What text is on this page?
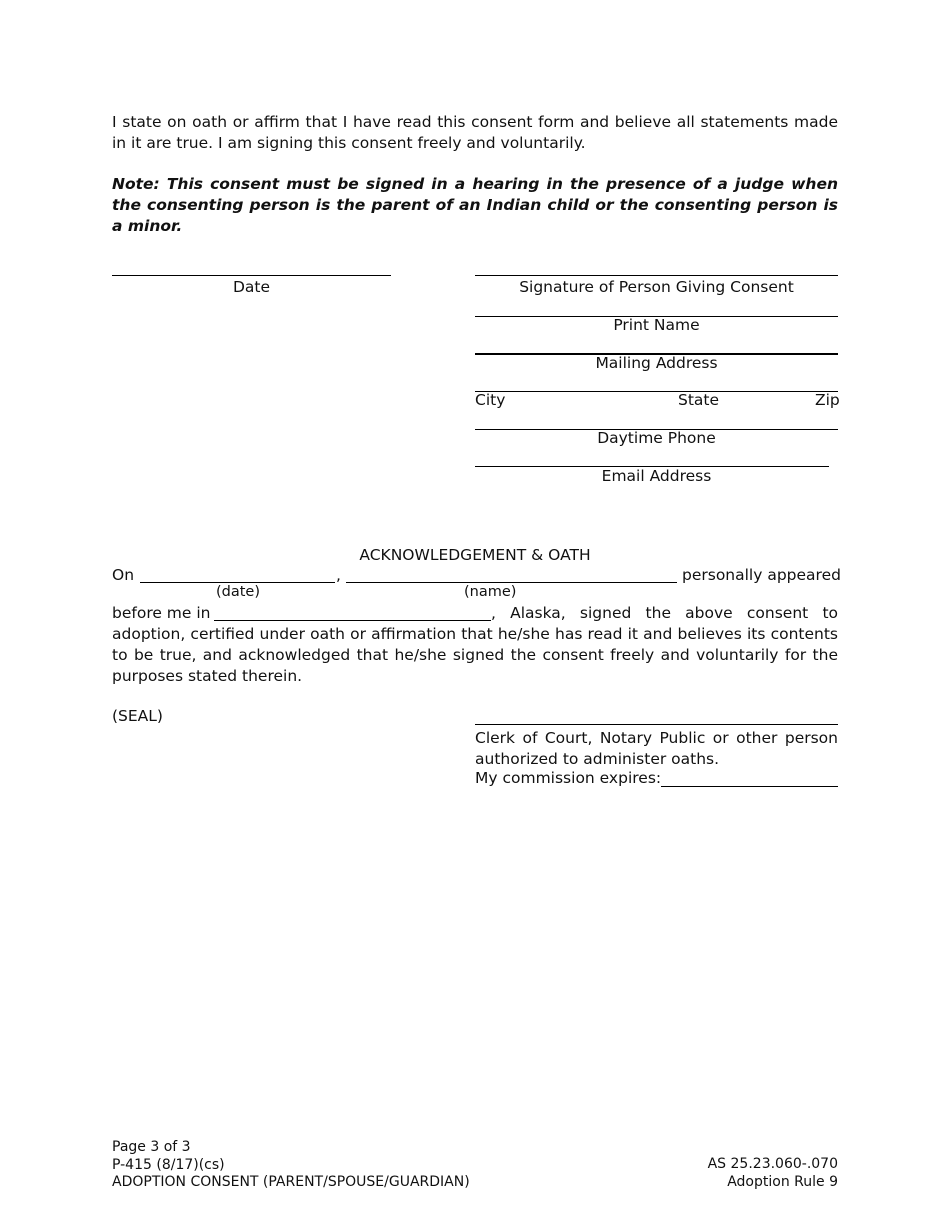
I state on oath or affirm that I have read this consent form and believe all statements made in it are true. I am signing this consent freely and voluntarily.
Note: This consent must be signed in a hearing in the presence of a judge when the consenting person is the parent of an Indian child or the consenting person is a minor.
Date	Signature of Person Giving Consent
Print Name
Mailing Address
City	State	Zip
Daytime Phone
Email Address
ACKNOWLEDGEMENT & OATH
On	,	personally appeared
(date)	(name)
before me in	, Alaska, signed the above consent to
adoption, certified under oath or affirmation that he/she has read it and believes its contents to be true, and acknowledged that he/she signed the consent freely and voluntarily for the purposes stated therein.
(SEAL)
Clerk of Court, Notary Public or other person authorized to administer oaths.
My commission expires:
Page 3 of 3
P-415 (8/17)(cs)
ADOPTION CONSENT (PARENT/SPOUSE/GUARDIAN)
AS 25.23.060-.070
Adoption Rule 9
